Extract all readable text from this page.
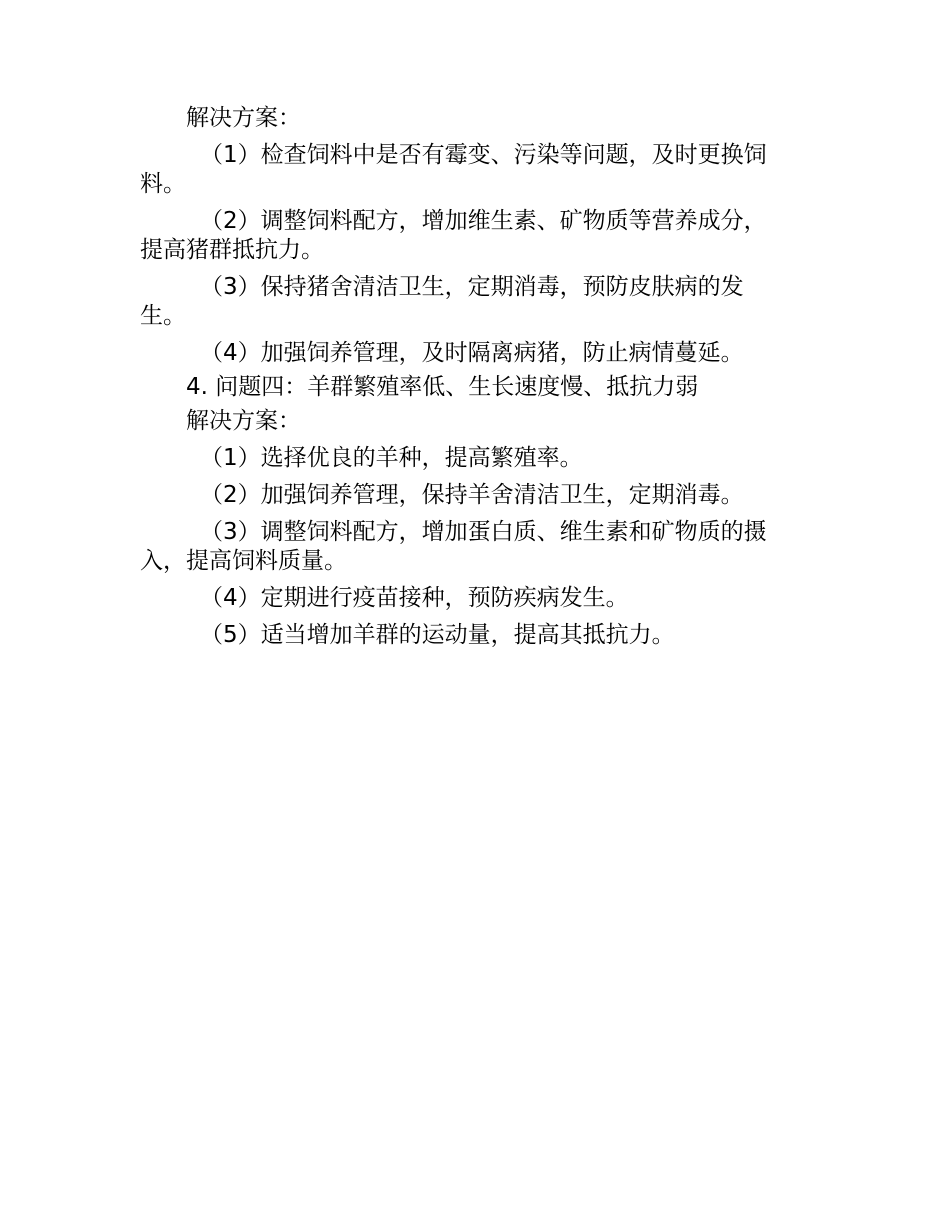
解决方案：

（1）检查饲料中是否有霉变、污染等问题，及时更换饲

料。

（2）调整饲料配方，增加维生素、矿物质等营养成分，

提高猪群抵抗力。

（3）保持猪舍清洁卫生，定期消毒，预防皮肤病的发

生。

（4）加强饲养管理，及时隔离病猪，防止病情蔓延。

4. 问题四：羊群繁殖率低、生长速度慢、抵抗力弱

解决方案：

（1）选择优良的羊种，提高繁殖率。

（2）加强饲养管理，保持羊舍清洁卫生，定期消毒。

（3）调整饲料配方，增加蛋白质、维生素和矿物质的摄

入，提高饲料质量。

（4）定期进行疫苗接种，预防疾病发生。

（5）适当增加羊群的运动量，提高其抵抗力。
